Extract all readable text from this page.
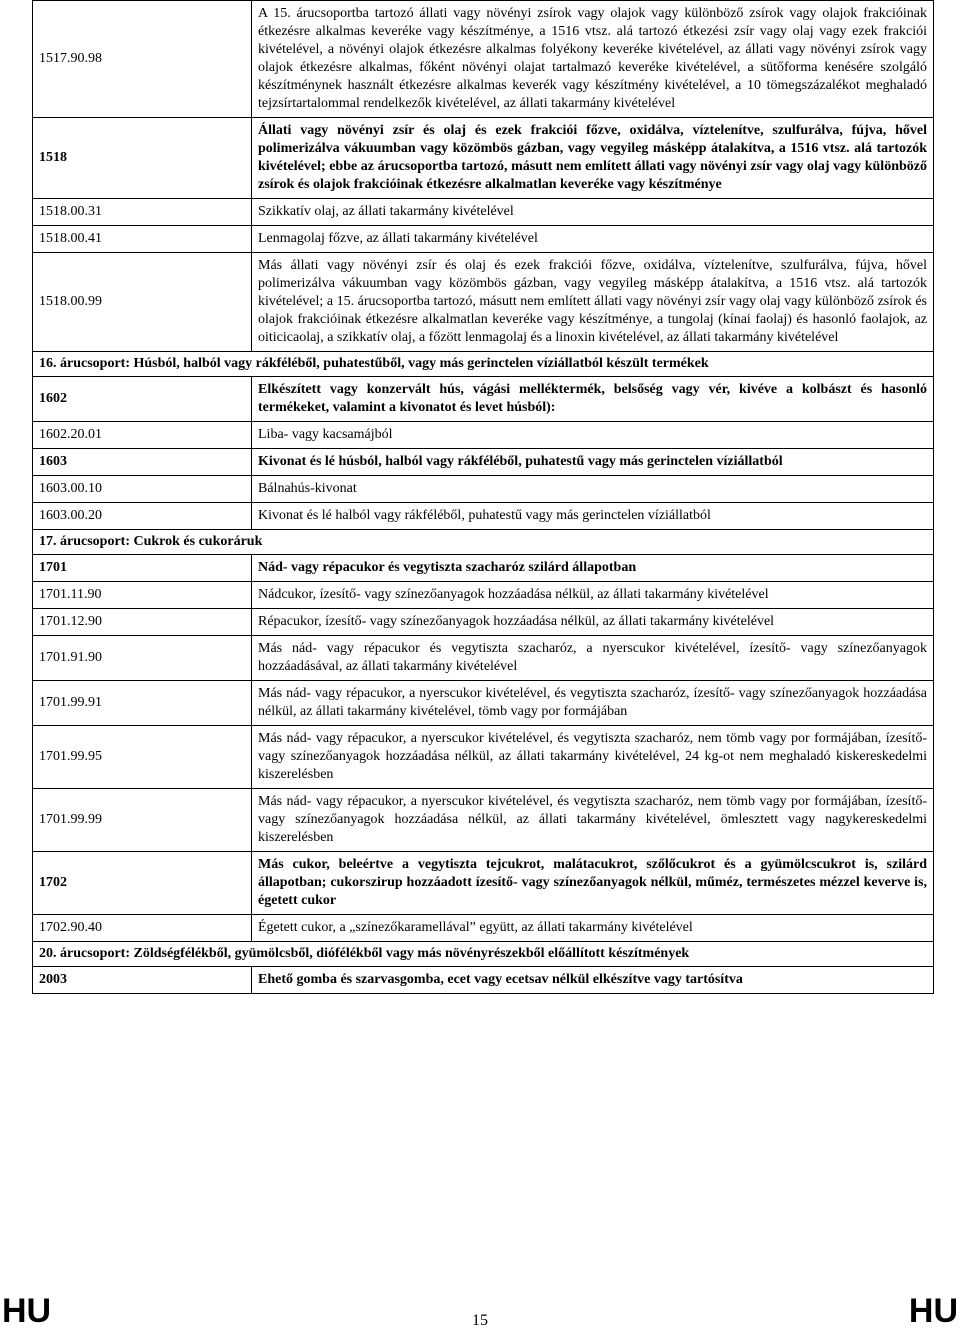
1517.90.98	A 15. árucsoportba tartozó állati vagy növényi zsírok vagy olajok vagy különböző zsírok vagy olajok frakcióinak étkezésre alkalmas keveréke vagy készítménye, a 1516 vtsz. alá tartozó étkezési zsír vagy olaj vagy ezek frakciói kivételével, a növényi olajok étkezésre alkalmas folyékony keveréke kivételével, az állati vagy növényi zsírok vagy olajok étkezésre alkalmas, főként növényi olajat tartalmazó keveréke kivételével, a sütőforma kenésére szolgáló készítménynek használt étkezésre alkalmas keverék vagy készítmény kivételével, a 10 tömegszázalékot meghaladó tejzsírtartalommal rendelkezők kivételével, az állati takarmány kivételével
1518	Állati vagy növényi zsír és olaj és ezek frakciói főzve, oxidálva, víztelenítve, szulfurálva, fújva, hővel polimerizálva vákuumban vagy közömbös gázban, vagy vegyileg másképp átalakítva, a 1516 vtsz. alá tartozók kivételével; ebbe az árucsoportba tartozó, másutt nem említett állati vagy növényi zsír vagy olaj vagy különböző zsírok és olajok frakcióinak étkezésre alkalmatlan keveréke vagy készítménye
1518.00.31	Szikkatív olaj, az állati takarmány kivételével
1518.00.41	Lenmagolaj főzve, az állati takarmány kivételével
1518.00.99	Más állati vagy növényi zsír és olaj és ezek frakciói főzve, oxidálva, víztelenítve, szulfurálva, fújva, hővel polimerizálva vákuumban vagy közömbös gázban, vagy vegyileg másképp átalakítva, a 1516 vtsz. alá tartozók kivételével; a 15. árucsoportba tartozó, másutt nem említett állati vagy növényi zsír vagy olaj vagy különböző zsírok és olajok frakcióinak étkezésre alkalmatlan keveréke vagy készítménye, a tungolaj (kínai faolaj) és hasonló faolajok, az oiticicaolaj, a szikkatív olaj, a főzött lenmagolaj és a linoxin kivételével, az állati takarmány kivételével
16. árucsoport: Húsból, halból vagy rákféléből, puhatestűből, vagy más gerinctelen víziállatból készült termékek	
1602	Elkészített vagy konzervált hús, vágási melléktermék, belsőség vagy vér, kivéve a kolbászt és hasonló termékeket, valamint a kivonatot és levet húsból):
1602.20.01	Liba- vagy kacsamájból
1603	Kivonat és lé húsból, halból vagy rákféléből, puhatestű vagy más gerinctelen víziállatból
1603.00.10	Bálnahús-kivonat
1603.00.20	Kivonat és lé halból vagy rákféléből, puhatestű vagy más gerinctelen víziállatból
17. árucsoport: Cukrok és cukoráruk	
1701	Nád- vagy répacukor és vegytiszta szacharóz szilárd állapotban
1701.11.90	Nádcukor, ízesítő- vagy színezőanyagok hozzáadása nélkül, az állati takarmány kivételével
1701.12.90	Répacukor, ízesítő- vagy színezőanyagok hozzáadása nélkül, az állati takarmány kivételével
1701.91.90	Más nád- vagy répacukor és vegytiszta szacharóz, a nyerscukor kivételével, ízesítő- vagy színezőanyagok hozzáadásával, az állati takarmány kivételével
1701.99.91	Más nád- vagy répacukor, a nyerscukor kivételével, és vegytiszta szacharóz, ízesítő- vagy színezőanyagok hozzáadása nélkül, az állati takarmány kivételével, tömb vagy por formájában
1701.99.95	Más nád- vagy répacukor, a nyerscukor kivételével, és vegytiszta szacharóz, nem tömb vagy por formájában, ízesítő- vagy színezőanyagok hozzáadása nélkül, az állati takarmány kivételével, 24 kg-ot nem meghaladó kiskereskedelmi kiszerelésben
1701.99.99	Más nád- vagy répacukor, a nyerscukor kivételével, és vegytiszta szacharóz, nem tömb vagy por formájában, ízesítő- vagy színezőanyagok hozzáadása nélkül, az állati takarmány kivételével, ömlesztett vagy nagykereskedelmi kiszerelésben
1702	Más cukor, beleértve a vegytiszta tejcukrot, malátacukrot, szőlőcukrot és a gyümölcscukrot is, szilárd állapotban; cukorszirup hozzáadott ízesítő- vagy színezőanyagok nélkül, műméz, természetes mézzel keverve is, égetett cukor
1702.90.40	Égetett cukor, a „színezőkaramellával” együtt, az állati takarmány kivételével
20. árucsoport: Zöldségfélékből, gyümölcsből, diófélékből vagy más növényrészekből előállított készítmények	
2003	Ehető gomba és szarvasgomba, ecet vagy ecetsav nélkül elkészítve vagy tartósítva
HU	15	HU
